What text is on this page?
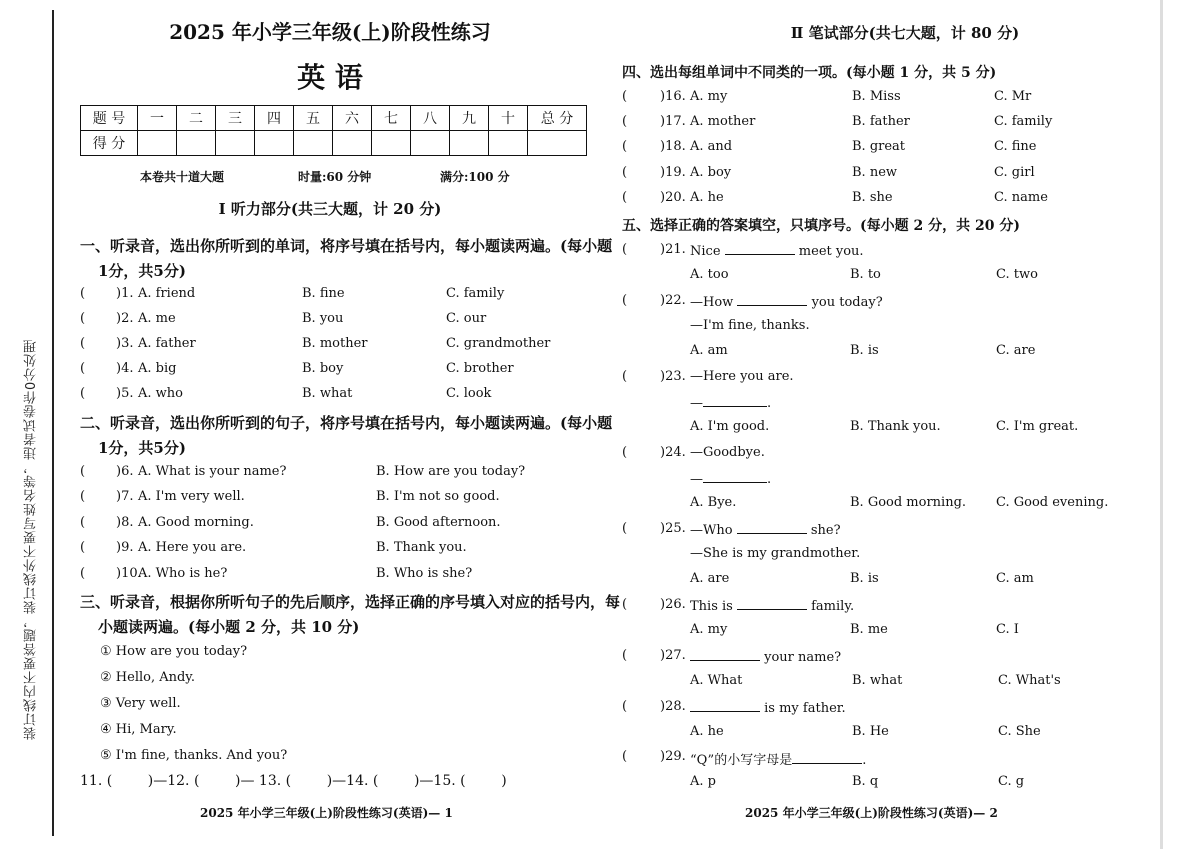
装订线内不要答题，装订线外不要写姓名等，违者试卷作0分处理
2025 年小学三年级(上)阶段性练习
英 语
题 号	一	二	三	四	五	六	七	八	九	十	总 分
得 分											
本卷共十道大题	时量:60 分钟	满分:100 分
Ⅰ 听力部分(共三大题，计 20 分)
一、听录音，选出你所听到的单词，将序号填在括号内，每小题读两遍。(每小题
1分，共5分)
( )1. A. friend	B. fine	C. family
( )2. A. me	B. you	C. our
( )3. A. father	B. mother	C. grandmother
( )4. A. big	B. boy	C. brother
( )5. A. who	B. what	C. look
二、听录音，选出你所听到的句子，将序号填在括号内，每小题读两遍。(每小题
1分，共5分)
( )6. A. What is your name?	B. How are you today?
( )7. A. I'm very well.	B. I'm not so good.
( )8. A. Good morning.	B. Good afternoon.
( )9. A. Here you are.	B. Thank you.
( )10.
A. Who is he?	B. Who is she?
三、听录音，根据你所听句子的先后顺序，选择正确的序号填入对应的括号内，每
小题读两遍。(每小题 2 分，共 10 分)
① How are you today?
② Hello, Andy.
③ Very well.
④ Hi, Mary.
⑤ I'm fine, thanks. And you?
11. (        )—12. (        )— 13. (        )—14. (        )—15. (        )
2025 年小学三年级(上)阶段性练习(英语)— 1
Ⅱ 笔试部分(共七大题，计 80 分)
四、选出每组单词中不同类的一项。(每小题 1 分，共 5 分)
(	)16. A. my	B. Miss	C. Mr
(	)17. A. mother	B. father	C. family
(	)18. A. and	B. great	C. fine
(	)19. A. boy	B. new	C. girl
(	)20. A. he	B. she	C. name
五、选择正确的答案填空，只填序号。(每小题 2 分，共 20 分)
(	)21. Nice	meet you.
A. too	B. to	C. two
(	)22. —How	you today?
—I'm fine, thanks.
A. am	B. is	C. are
(	)23. —Here you are.
—	.
A. I'm good.	B. Thank you.	C. I'm great.
(	)24. —Goodbye.
—	.
A. Bye.	B. Good morning. C. Good evening.
(	)25. —Who	she?
—She is my grandmother.
A. are	B. is	C. am
(	)26. This is	family.
A. my	B. me	C. I
(	)27.	your name?
A. What	B. what	C. What's
(	)28.	is my father.
A. he	B. He	C. She
(	)29. “Q”的小写字母是	.
A. p	B. q	C. g
2025 年小学三年级(上)阶段性练习(英语)— 2
